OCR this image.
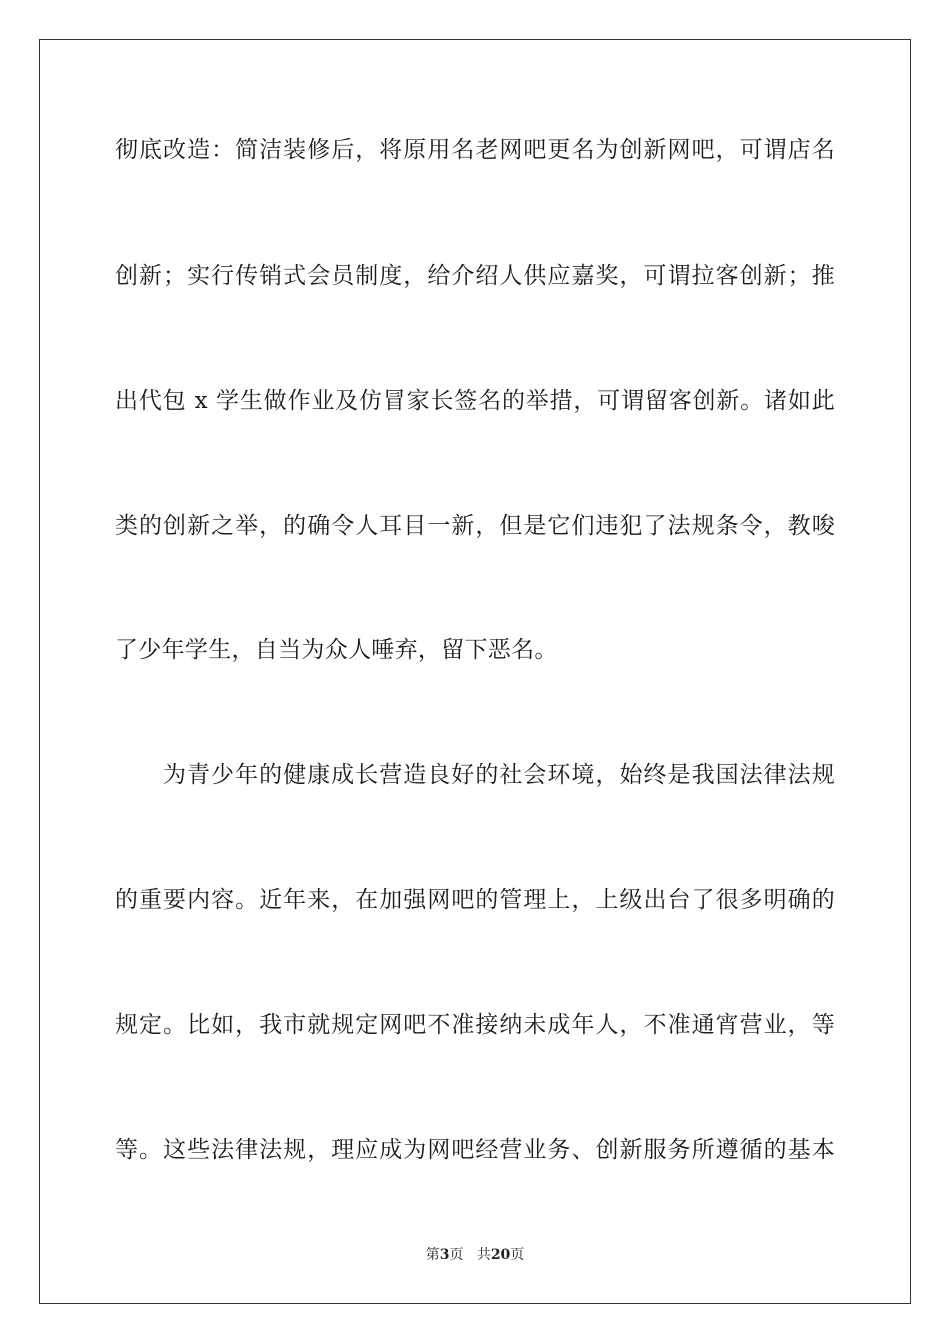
彻底改造：简洁装修后，将原用名老网吧更名为创新网吧，可谓店名
创新；实行传销式会员制度，给介绍人供应嘉奖，可谓拉客创新；推
出代包 x 学生做作业及仿冒家长签名的举措，可谓留客创新。诸如此
类的创新之举，的确令人耳目一新，但是它们违犯了法规条令，教唆
了少年学生，自当为众人唾弃，留下恶名。
为青少年的健康成长营造良好的社会环境，始终是我国法律法规
的重要内容。近年来，在加强网吧的管理上，上级出台了很多明确的
规定。比如，我市就规定网吧不准接纳未成年人，不准通宵营业，等
等。这些法律法规，理应成为网吧经营业务、创新服务所遵循的基本
第3页 共20页
